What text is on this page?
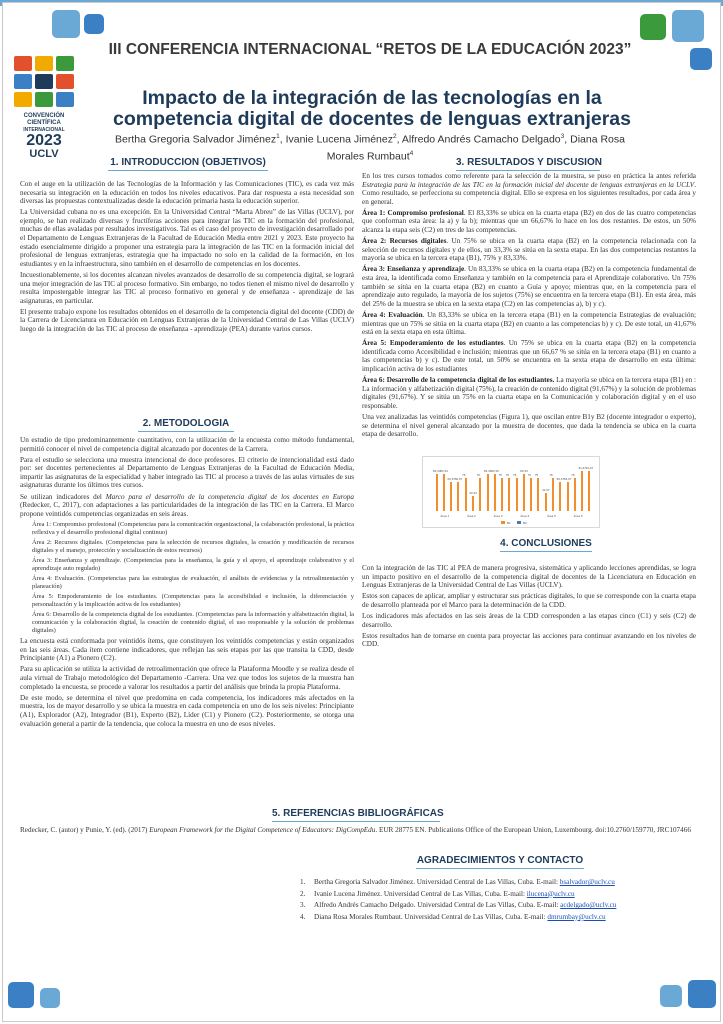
CONVENCIÓN
CIENTÍFICA
INTERNACIONAL
2023
UCLV
III CONFERENCIA INTERNACIONAL “RETOS DE LA EDUCACIÓN 2023”
Impacto de la integración de las tecnologías en la competencia digital de docentes de lenguas extranjeras
Bertha Gregoria Salvador Jiménez$^1$, Ivanie Lucena Jiménez$^2$, Alfredo Andrés Camacho Delgado$^3$, Diana Rosa Morales Rumbaut$^4$
1. INTRODUCCION (OBJETIVOS)

Con el auge en la utilización de las Tecnologías de la Información y las Comunicaciones (TIC), es cada vez más necesaria su integración en la educación en todos los niveles educativos. Para dar respuesta a esta necesidad son diversas las propuestas contextualizadas desde la educación primaria hasta la educación superior.

La Universidad cubana no es una excepción. En la Universidad Central “Marta Abreu” de las Villas (UCLV), por ejemplo, se han realizado diversas y fructíferas acciones para integrar las TIC en la formación del profesional, muchas de ellas avaladas por resultados investigativos. Tal es el caso del proyecto de investigación desarrollado por el Departamento de Lenguas Extranjeras de la Facultad de Educación Media entre 2021 y 2023. Este proyecto ha estado esencialmente dirigido a proponer una estrategia para la integración de las TIC en la formación inicial del profesional de lenguas extranjeras, estrategia que ha impactado no solo en la calidad de la formación, en los estudiantes y en la infraestructura, sino también en el desarrollo de competencias en los docentes.

Incuestionablemente, si los docentes alcanzan niveles avanzados de desarrollo de su competencia digital, se logrará una mejor integración de las TIC al proceso formativo. Sin embargo, no todos tienen el mismo nivel de desarrollo y resulta impostergable integrar las TIC al proceso formativo en general y de enseñanza - aprendizaje de las asignaturas, en particular.

El presente trabajo expone los resultados obtenidos en el desarrollo de la competencia digital del docente (CDD) de la Carrera de Licenciatura en Educación en Lenguas Extranjeras de la Universidad Central de Las Villas (UCLV) luego de la integración de las TIC al proceso de enseñanza - aprendizaje (PEA) durante varios cursos.

2. METODOLOGIA

Un estudio de tipo predominantemente cuantitativo, con la utilización de la encuesta como método fundamental, permitió conocer el nivel de competencia digital alcanzado por docentes de la Carrera.

Para el estudio se selecciona una muestra intencional de doce profesores. El criterio de intencionalidad está dado por: ser docentes pertenecientes al Departamento de Lenguas Extranjeras de la Facultad de Educación Media, impartir las asignaturas de la especialidad y haber integrado las TIC al proceso a través de las aulas virtuales de sus asignaturas durante los últimos tres cursos.

Se utilizan indicadores del Marco para el desarrollo de la competencia digital de los docentes en Europa (Redecker, C, 2017), con adaptaciones a las particularidades de la integración de las TIC en la Carrera. El Marco propone veintidós competencias organizadas en seis áreas.

Área 1: Compromiso profesional (Competencias para la comunicación organizacional, la colaboración profesional, la práctica reflexiva y el desarrollo profesional digital continuo)

Área 2: Recursos digitales. (Competencias para la selección de recursos digitales, la creación y modificación de recursos digitales y el manejo, protección y socialización de estos recursos)

Área 3: Enseñanza y aprendizaje. (Competencias para la enseñanza, la guía y el apoyo, el aprendizaje colaborativo y el aprendizaje auto regulado)

Área 4: Evaluación. (Competencias para las estrategias de evaluación, el análisis de evidencias y la retroalimentación y planeación)

Área 5: Empoderamiento de los estudiantes. (Competencias para la accesibilidad e inclusión, la diferenciación y personalización y la implicación activa de los estudiantes)

Área 6: Desarrollo de la competencia digital de los estudiantes. (Competencias para la información y alfabetización digital, la comunicación y la colaboración digital, la creación de contenido digital, el uso responsable y la solución de problemas digitales)

La encuesta está conformada por veintidós ítems, que constituyen los veintidós competencias y están organizados en las seis áreas. Cada ítem contiene indicadores, que reflejan las seis etapas por las que transita la CDD, desde Principiante (A1) a Pionero (C2).

Para su aplicación se utiliza la actividad de retroalimentación que ofrece la Plataforma Moodle y se realiza desde el aula virtual de Trabajo metodológico del Departamento -Carrera. Una vez que todos los sujetos de la muestra han completado la encuesta, se procede a valorar los resultados a partir del análisis que brinda la propia Plataforma.

De este modo, se determina el nivel que predomina en cada competencia, los indicadores más afectados en la muestra, los de mayor desarrollo y se ubica la muestra en cada competencia en uno de los seis niveles: Principiante (A1), Explorador (A2), Integrador (B1), Experto (B2), Líder (C1) y Pionero (C2). Posteriormente, se otorga una evaluación general a partir de la tendencia, que coloca la muestra en uno de esos niveles.

3. RESULTADOS Y DISCUSION

En los tres cursos tomados como referente para la selección de la muestra, se puso en práctica la antes referida Estrategia para la integración de las TIC en la formación inicial del docente de lenguas extranjeras en la UCLV. Como resultado, se perfecciona su competencia digital. Ello se expresa en los siguientes resultados, por cada área y en general.

Área 1: Compromiso profesional. El 83,33% se ubica en la cuarta etapa (B2) en dos de las cuatro competencias que conforman esta área: la a) y la b); mientras que un 66,67% lo hace en los dos restantes. De estos, un 50% alcanza la etapa seis (C2) en tres de las competencias.

Área 2: Recursos digitales. Un 75% se ubica en la cuarta etapa (B2) en la competencia relacionada con la selección de recursos digitales y de ellos, un 33,3% se sitúa en la sexta etapa. En las dos competencias restantes la mayoría se ubica en la tercera etapa (B1), 75% y 83,33%.

Área 3: Enseñanza y aprendizaje. Un 83,33% se ubica en la cuarta etapa (B2) en la competencia fundamental de esta área, la identificada como Enseñanza y también en la competencia para el Aprendizaje colaborativo. Un 75% también se sitúa en la cuarta etapa (B2) en cuanto a Guía y apoyo; mientras que, en la competencia para el aprendizaje auto regulado, la mayoría de los sujetos (75%) se encuentra en la tercera etapa (B1). En esta área, más del 25% de la muestra se ubica en la sexta etapa (C2) en las competencias a), b) y c).

Área 4: Evaluación. Un 83,33% se ubica en la tercera etapa (B1) en la competencia Estrategias de evaluación; mientras que un 75% se sitúa en la cuarta etapa (B2) en cuanto a las competencias b) y c). De este total, un 41,67% está en la sexta etapa en esta última.

Área 5: Empoderamiento de los estudiantes. Un 75% se ubica en la cuarta etapa (B2) en la competencia identificada como Accesibilidad e inclusión; mientras que un 66,67 % se sitúa en la tercera etapa (B1) en cuanto a las competencias b) y c). De este total, un 50% se encuentra en la sexta etapa de desarrollo en esta última: implicación activa de los estudiantes

Área 6: Desarrollo de la competencia digital de los estudiantes. La mayoría se ubica en la tercera etapa (B1) en : La información y alfabetización digital (75%), la creación de contenido digital (91,67%) y la solución de problemas digitales (91,67%). Y se sitúa un 75% en la cuarta etapa en la Comunicación y colaboración digital y en el uso responsable.

Una vez analizadas las veintidós competencias (Figura 1), que oscilan entre B1y B2 (docente integrador o experto), se determina el nivel general alcanzado por la muestra de docentes, que dada la tendencia se ubica en la cuarta etapa de desarrollo.

83,33 83,33
66,67 66,67
75
33,33
75
83,33 83,33
75 75 75
83,33
75 75
41,67
75
66,67 66,67
75
91,67 91,67
Área 1	Área 2	Área 3	Área 4	Área 5	Área 6
B1	B2
4. CONCLUSIONES

Con la integración de las TIC al PEA de manera progresiva, sistemática y aplicando lecciones aprendidas, se logra un impacto positivo en el desarrollo de la competencia digital de docentes de la Licenciatura en Educación en Lenguas Extranjeras de la Universidad Central de Las Villas (UCLV).

Estos son capaces de aplicar, ampliar y estructurar sus prácticas digitales, lo que se corresponde con la cuarta etapa de desarrollo planteada por el Marco para la determinación de la CDD.

Los indicadores más afectados en las seis áreas de la CDD corresponden a las etapas cinco (C1) y seis (C2) de desarrollo.

Estos resultados han de tomarse en cuenta para proyectar las acciones para continuar avanzando en los niveles de CDD.

5. REFERENCIAS BIBLIOGRÁFICAS

Redecker, C. (autor) y Punie, Y. (ed). (2017) European Framework for the Digital Competence of Educators: DigCompEdu. EUR 28775 EN. Publications Office of the European Union, Luxembourg. doi:10.2760/159770, JRC107466

AGRADECIMIENTOS Y CONTACTO
1. Bertha Gregoria Salvador Jiménez. Universidad Central de Las Villas, Cuba. E-mail: bsalvador@uclv.cu
2. Ivanie Lucena Jiménez. Universidad Central de Las Villas, Cuba. E-mail: ilucena@uclv.cu
3. Alfredo Andrés Camacho Delgado. Universidad Central de Las Villas, Cuba. E-mail: acdelgado@uclv.cu
4. Diana Rosa Morales Rumbaut. Universidad Central de Las Villas, Cuba. E-mail: dmrumbay@uclv.cu
